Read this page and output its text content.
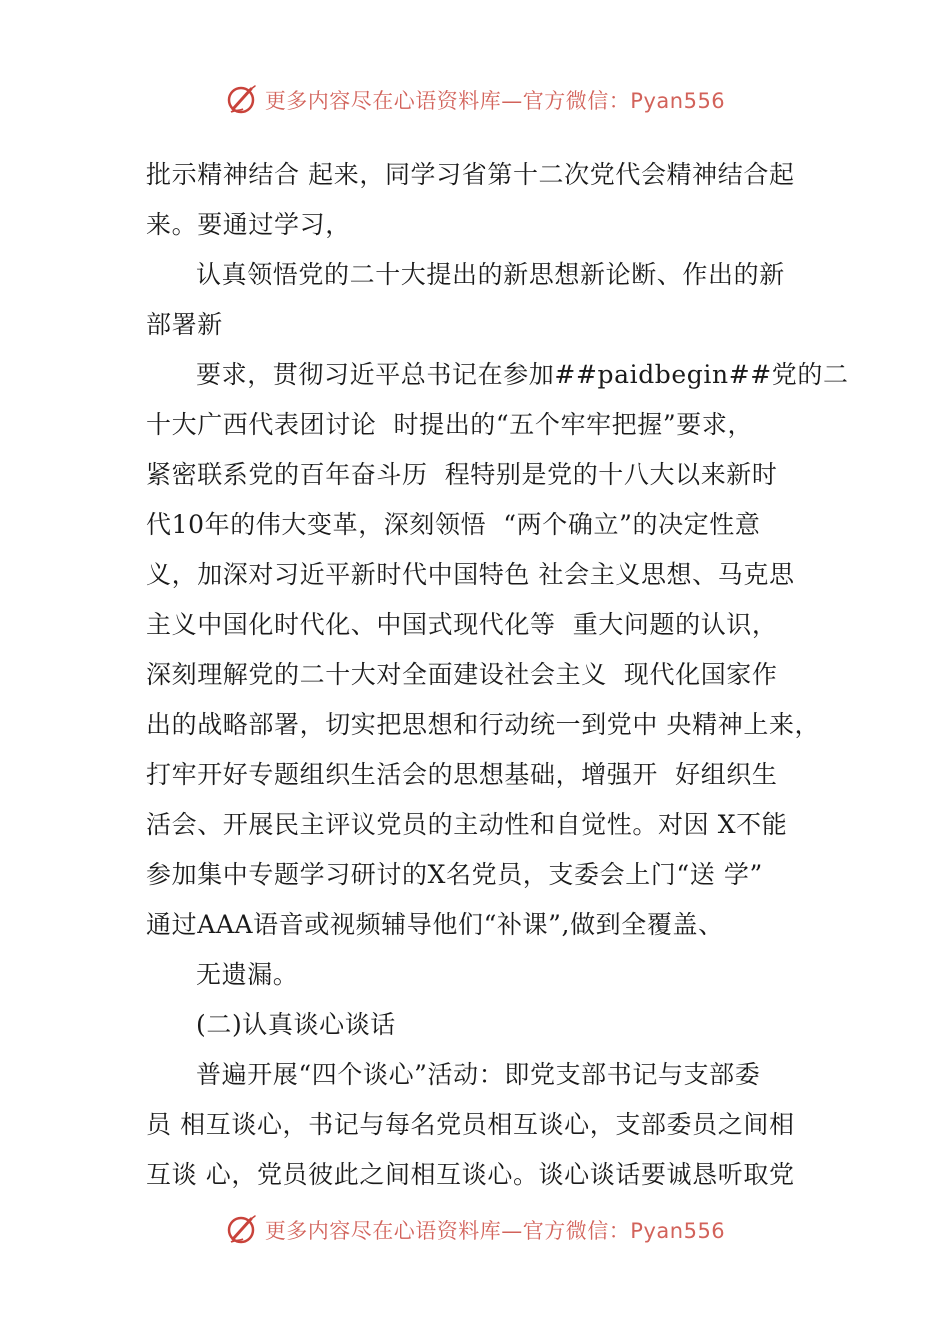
更多内容尽在心语资料库—官方微信：Pyan556
批示精神结合 起来，同学习省第十二次党代会精神结合起
来。要通过学习，
认真领悟党的二十大提出的新思想新论断、作出的新
部署新
要求，贯彻习近平总书记在参加##paidbegin##党的二
十大广西代表团讨论  时提出的“五个牢牢把握”要求，
紧密联系党的百年奋斗历  程特别是党的十八大以来新时
代10年的伟大变革，深刻领悟  “两个确立”的决定性意
义，加深对习近平新时代中国特色 社会主义思想、马克思
主义中国化时代化、中国式现代化等  重大问题的认识，
深刻理解党的二十大对全面建设社会主义  现代化国家作
出的战略部署，切实把思想和行动统一到党中 央精神上来，
打牢开好专题组织生活会的思想基础，增强开  好组织生
活会、开展民主评议党员的主动性和自觉性。对因 X不能
参加集中专题学习研讨的X名党员，支委会上门“送 学”
通过AAA语音或视频辅导他们“补课”,做到全覆盖、
无遗漏。
(二)认真谈心谈话
普遍开展“四个谈心”活动：即党支部书记与支部委
员 相互谈心，书记与每名党员相互谈心，支部委员之间相
互谈 心，党员彼此之间相互谈心。谈心谈话要诚恳听取党
更多内容尽在心语资料库—官方微信：Pyan556
